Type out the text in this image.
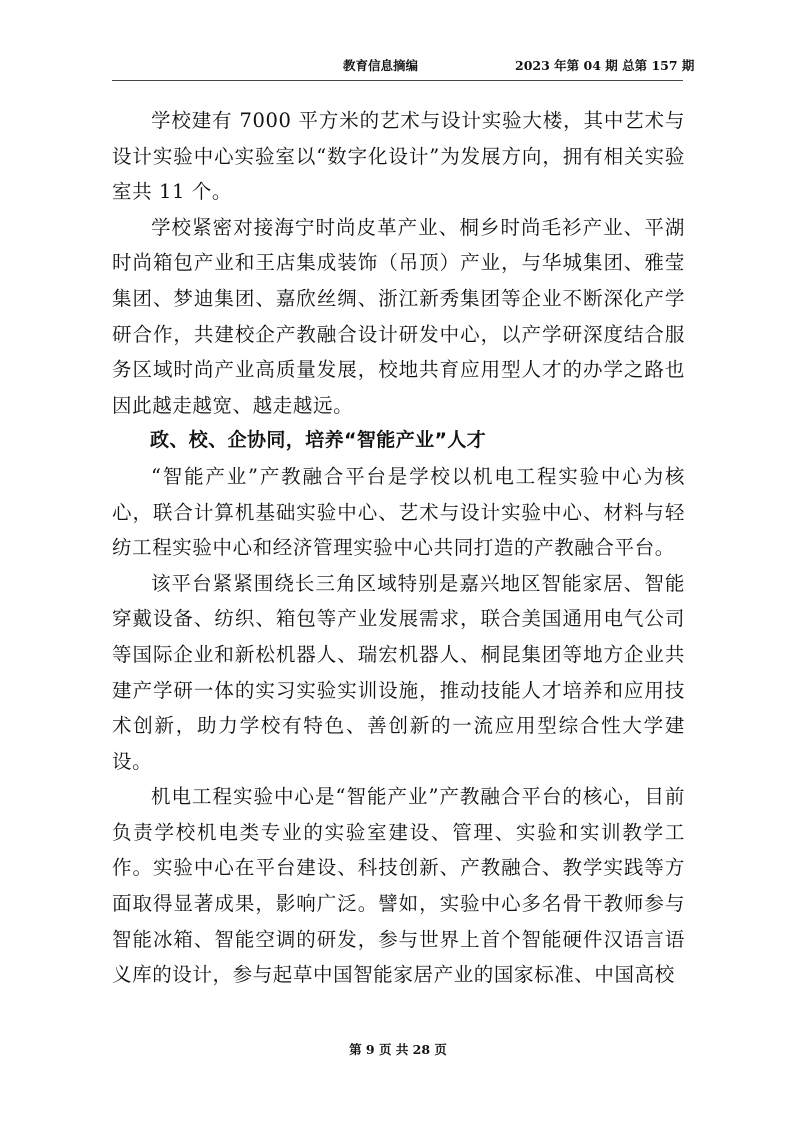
教育信息摘编	2023 年第 04 期 总第 157 期

学校建有 7000 平方米的艺术与设计实验大楼，其中艺术与设计实验中心实验室以“数字化设计”为发展方向，拥有相关实验室共 11 个。

学校紧密对接海宁时尚皮革产业、桐乡时尚毛衫产业、平湖时尚箱包产业和王店集成装饰（吊顶）产业，与华城集团、雅莹集团、梦迪集团、嘉欣丝绸、浙江新秀集团等企业不断深化产学研合作，共建校企产教融合设计研发中心，以产学研深度结合服务区域时尚产业高质量发展，校地共育应用型人才的办学之路也因此越走越宽、越走越远。

政、校、企协同，培养“智能产业”人才

“智能产业”产教融合平台是学校以机电工程实验中心为核心，联合计算机基础实验中心、艺术与设计实验中心、材料与轻纺工程实验中心和经济管理实验中心共同打造的产教融合平台。

该平台紧紧围绕长三角区域特别是嘉兴地区智能家居、智能穿戴设备、纺织、箱包等产业发展需求，联合美国通用电气公司等国际企业和新松机器人、瑞宏机器人、桐昆集团等地方企业共建产学研一体的实习实验实训设施，推动技能人才培养和应用技术创新，助力学校有特色、善创新的一流应用型综合性大学建设。

机电工程实验中心是“智能产业”产教融合平台的核心，目前负责学校机电类专业的实验室建设、管理、实验和实训教学工作。实验中心在平台建设、科技创新、产教融合、教学实践等方面取得显著成果，影响广泛。譬如，实验中心多名骨干教师参与智能冰箱、智能空调的研发，参与世界上首个智能硬件汉语言语义库的设计，参与起草中国智能家居产业的国家标准、中国高校

第 9 页 共 28 页
